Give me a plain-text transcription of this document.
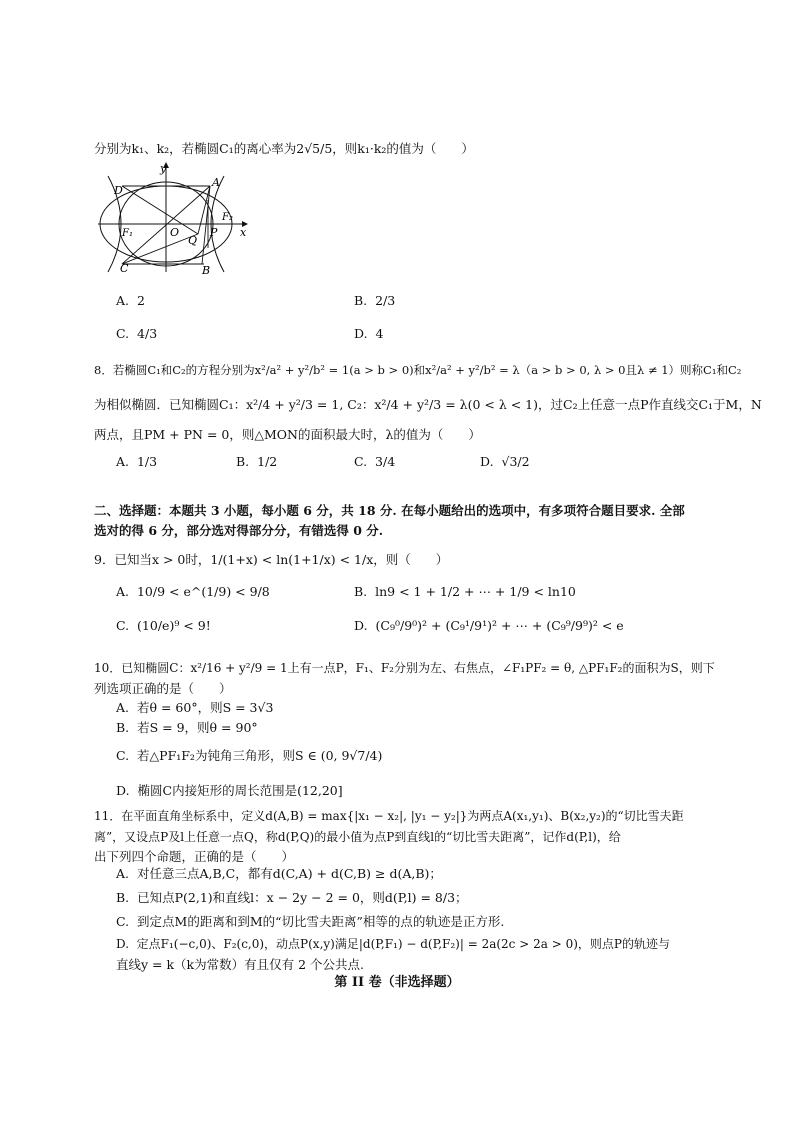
分别为k₁、k₂，若椭圆C₁的离心率为2√5/5，则k₁·k₂的值为（　　）
y
D
A
F₂
F₁	O	P
Q
x
C	B
A. 2	B. 2/3
C. 4/3	D. 4
8．若椭圆C₁和C₂的方程分别为x²/a² + y²/b² = 1(a > b > 0)和x²/a² + y²/b² = λ（a > b > 0, λ > 0且λ ≠ 1）则称C₁和C₂
为相似椭圆．已知椭圆C₁：x²/4 + y²/3 = 1, C₂：x²/4 + y²/3 = λ(0 < λ < 1)，过C₂上任意一点P作直线交C₁于M，N
两点，且PM + PN = 0，则△MON的面积最大时，λ的值为（　　）
A. 1/3	B. 1/2	C. 3/4	D. √3/2
二、选择题：本题共 3 小题，每小题 6 分，共 18 分. 在每小题给出的选项中，有多项符合题目要求. 全部
选对的得 6 分，部分选对得部分分，有错选得 0 分.
9．已知当x > 0时，1/(1+x) < ln(1+1/x) < 1/x，则（　　）
A. 10/9 < e^(1/9) < 9/8	B. ln9 < 1 + 1/2 + ⋯ + 1/9 < ln10
C. (10/e)⁹ < 9!	D. (C₉⁰/9⁰)² + (C₉¹/9¹)² + ⋯ + (C₉⁹/9⁹)² < e
10．已知椭圆C：x²/16 + y²/9 = 1上有一点P，F₁、F₂分别为左、右焦点，∠F₁PF₂ = θ, △PF₁F₂的面积为S，则下
列选项正确的是（　　）
A. 若θ = 60°，则S = 3√3
B. 若S = 9，则θ = 90°
C. 若△PF₁F₂为钝角三角形，则S ∈ (0, 9√7/4)
D. 椭圆C内接矩形的周长范围是(12,20]
11．在平面直角坐标系中，定义d(A,B) = max{|x₁ − x₂|, |y₁ − y₂|}为两点A(x₁,y₁)、B(x₂,y₂)的“切比雪夫距
离”，又设点P及l上任意一点Q，称d(P,Q)的最小值为点P到直线l的“切比雪夫距离”，记作d(P,l)，给
出下列四个命题，正确的是（　　）
A. 对任意三点A,B,C，都有d(C,A) + d(C,B) ≥ d(A,B)；
B. 已知点P(2,1)和直线l：x − 2y − 2 = 0，则d(P,l) = 8/3；
C. 到定点M的距离和到M的“切比雪夫距离”相等的点的轨迹是正方形.
D. 定点F₁(−c,0)、F₂(c,0)，动点P(x,y)满足|d(P,F₁) − d(P,F₂)| = 2a(2c > 2a > 0)，则点P的轨迹与
直线y = k（k为常数）有且仅有 2 个公共点.
第 II 卷（非选择题）
